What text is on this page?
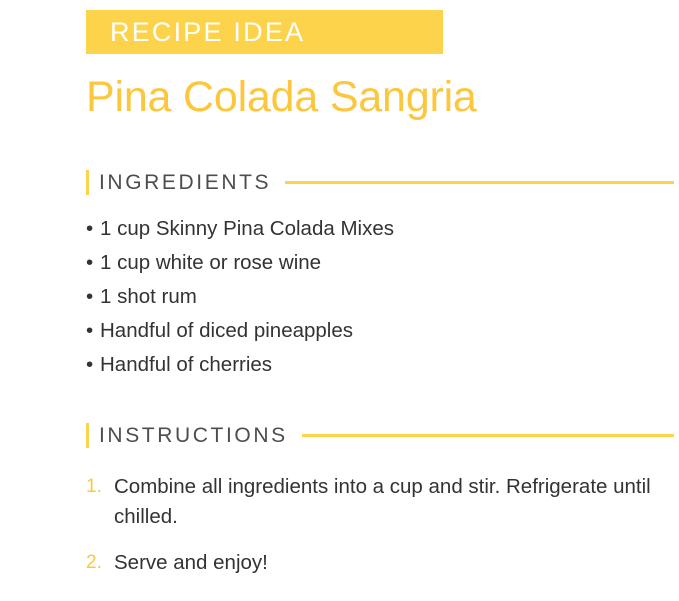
RECIPE IDEA
Pina Colada Sangria
INGREDIENTS
• 1 cup Skinny Pina Colada Mixes
• 1 cup white or rose wine
• 1 shot rum
• Handful of diced pineapples
• Handful of cherries
INSTRUCTIONS
1. Combine all ingredients into a cup and stir. Refrigerate until chilled.
2. Serve and enjoy!
